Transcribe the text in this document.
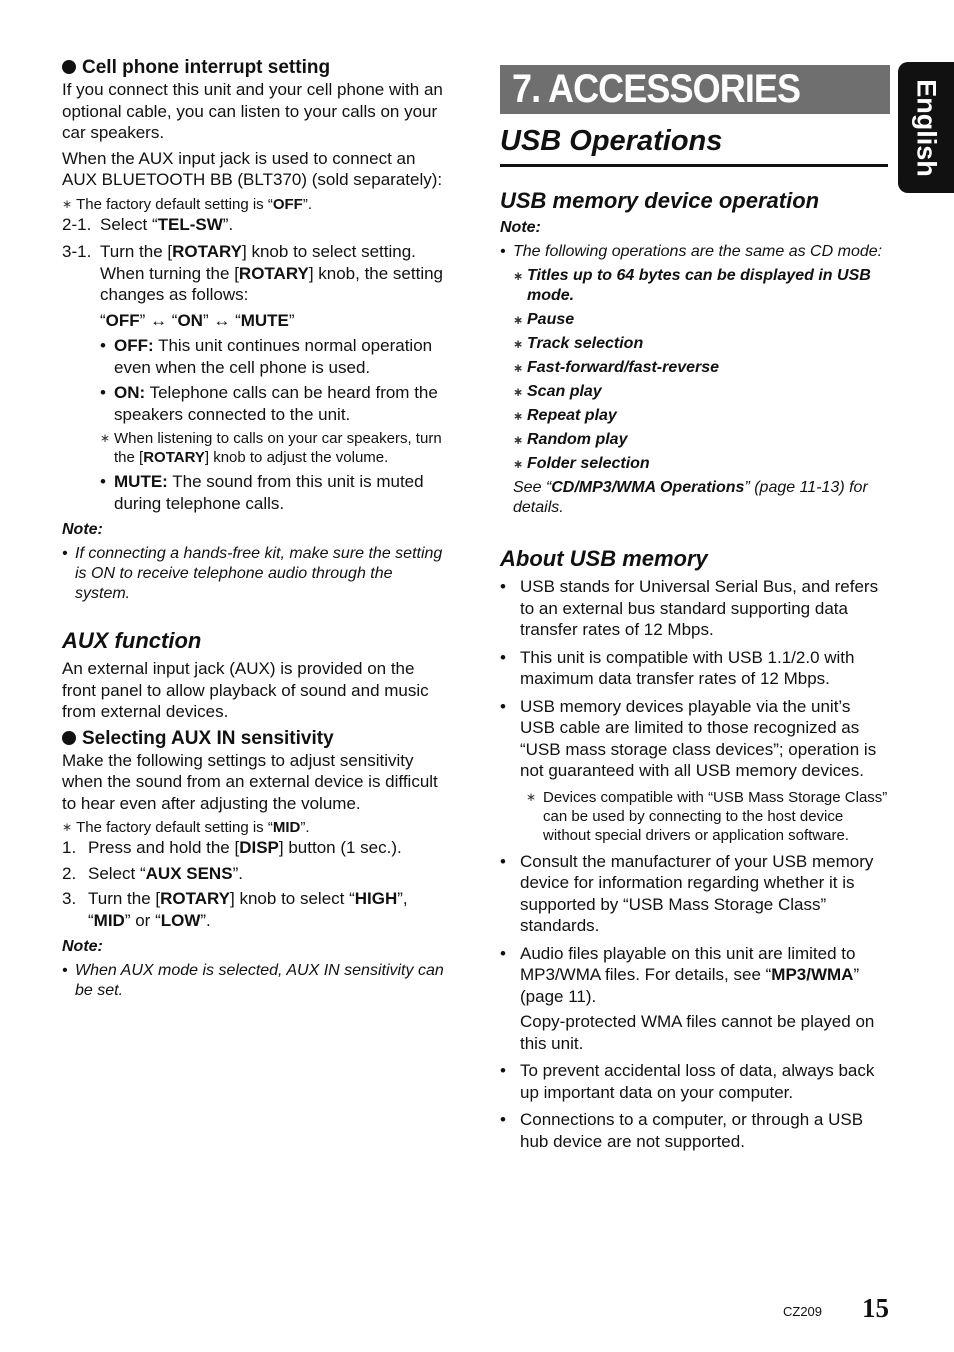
English
7. ACCESSORIES
USB Operations

Cell phone interrupt setting

If you connect this unit and your cell phone with an optional cable, you can listen to your calls on your car speakers.

When the AUX input jack is used to connect an AUX BLUETOOTH BB (BLT370) (sold separately):

∗ The factory default setting is “OFF”.

2-1. Select “TEL-SW”.
3-1. Turn the [ROTARY] knob to select setting. When turning the [ROTARY] knob, the setting changes as follows:

“OFF” ↔ “ON” ↔ “MUTE”

• OFF: This unit continues normal operation even when the cell phone is used.
• ON: Telephone calls can be heard from the speakers connected to the unit.
∗ When listening to calls on your car speakers, turn the [ROTARY] knob to adjust the volume.
• MUTE: The sound from this unit is muted during telephone calls.

Note:

• If connecting a hands-free kit, make sure the setting is ON to receive telephone audio through the system.

AUX function

An external input jack (AUX) is provided on the front panel to allow playback of sound and music from external devices.

Selecting AUX IN sensitivity

Make the following settings to adjust sensitivity when the sound from an external device is difficult to hear even after adjusting the volume.

∗ The factory default setting is “MID”.

1. Press and hold the [DISP] button (1 sec.).
2. Select “AUX SENS”.
3. Turn the [ROTARY] knob to select “HIGH”, “MID” or “LOW”.

Note:

• When AUX mode is selected, AUX IN sensitivity can be set.

USB memory device operation

Note:

• The following operations are the same as CD mode:
∗ Titles up to 64 bytes can be displayed in USB mode.
∗ Pause
∗ Track selection
∗ Fast-forward/fast-reverse
∗ Scan play
∗ Repeat play
∗ Random play
∗ Folder selection

See “CD/MP3/WMA Operations” (page 11-13) for details.

About USB memory

• USB stands for Universal Serial Bus, and refers to an external bus standard supporting data transfer rates of 12 Mbps.
• This unit is compatible with USB 1.1/2.0 with maximum data transfer rates of 12 Mbps.
• USB memory devices playable via the unit’s USB cable are limited to those recognized as “USB mass storage class devices”; operation is not guaranteed with all USB memory devices.
∗ Devices compatible with “USB Mass Storage Class” can be used by connecting to the host device without special drivers or application software.
• Consult the manufacturer of your USB memory device for information regarding whether it is supported by “USB Mass Storage Class” standards.
• Audio files playable on this unit are limited to MP3/WMA files. For details, see “MP3/WMA” (page 11).

Copy-protected WMA files cannot be played on this unit.

• To prevent accidental loss of data, always back up important data on your computer.
• Connections to a computer, or through a USB hub device are not supported.
CZ209 15
